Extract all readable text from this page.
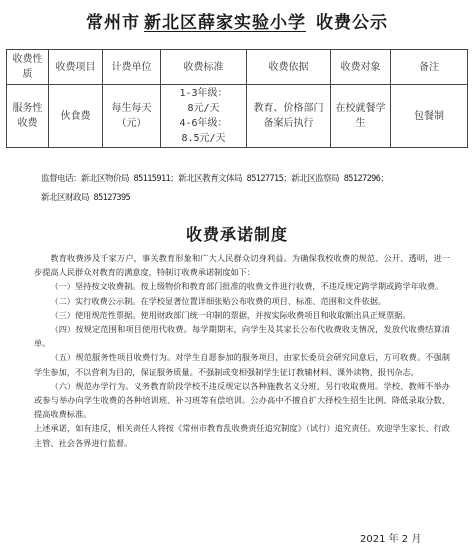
常州市 新北区薛家实验小学 收费公示
收费性质	收费项目	计费单位	收费标准	收费依据	收费对象	备注
服务性收费	伙食费	每生每天（元）	1-3年级：
8元/天
4-6年级：
8.5元/天	教育、价格部门备案后执行	在校就餐学生	包餐制
监督电话：新北区物价局 85115911；新北区教育文体局 85127715；新北区监察局 85127296；
新北区财政局 85127395
收费承诺制度

教育收费涉及千家万户，事关教育形象和广大人民群众切身利益。为确保我校收费的规范、公开、透明，进一步提高人民群众对教育的满意度，特制订收费承诺制度如下：

（一）坚持按文收费制。按上级物价和教育部门批准的收费文件进行收费，不违反规定跨学期或跨学年收费。

（二）实行收费公示制。在学校显著位置详细张贴公布收费的项目、标准、范围和文件依据。

（三）使用规范性票据。使用财政部门统一印制的票据，并按实际收费项目和收取额出具正规票据。

（四）按规定范围和项目使用代收费。每学期期末，向学生及其家长公布代收费收支情况，发放代收费结算清单。

（五）规范服务性项目收费行为。对学生自愿参加的服务项目，由家长委员会研究同意后，方可收费。不强制学生参加，不以营利为目的，保证服务质量。不强制或变相强制学生征订教辅材料、课外读物、报刊杂志。

（六）规范办学行为。义务教育阶段学校不违反规定以各种施教名义分班，另行收取费用。学校、教师不举办或参与举办向学生收费的各种培训班、补习班等有偿培训。公办高中不擅自扩大择校生招生比例、降低录取分数、提高收费标准。

上述承诺，如有违反，相关责任人将按《常州市教育乱收费责任追究制度》（试行）追究责任。欢迎学生家长、行政主管、社会各界进行监督。

2021 年 2 月
